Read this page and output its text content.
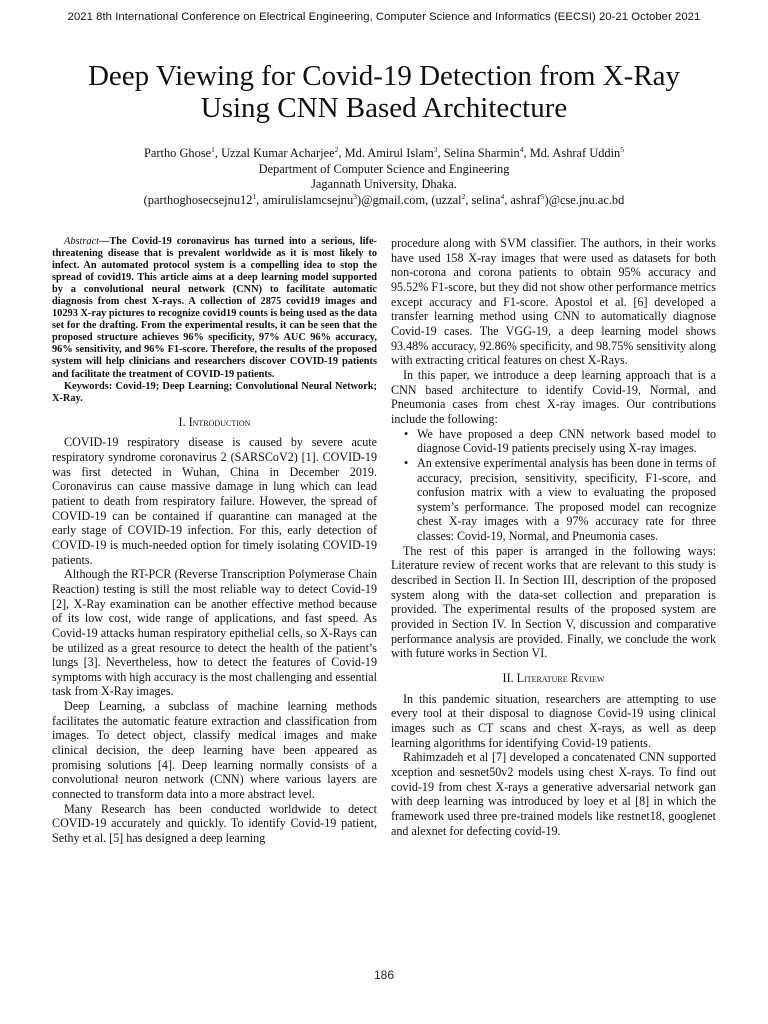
2021 8th International Conference on Electrical Engineering, Computer Science and Informatics (EECSI) 20-21 October 2021
Deep Viewing for Covid-19 Detection from X-Ray
Using CNN Based Architecture
Partho Ghose$^1$, Uzzal Kumar Acharjee$^2$, Md. Amirul Islam$^3$, Selina Sharmin$^4$, Md. Ashraf Uddin$^5$
Department of Computer Science and Engineering
Jagannath University, Dhaka.
($parthoghosecsejnu12^1$, amirulislamcsejnu$^3$)@gmail.com, (uzzal$^2$, selina$^4$, ashraf$^5$)@cse.jnu.ac.bd

Abstract—The Covid-19 coronavirus has turned into a serious, life-threatening disease that is prevalent worldwide as it is most likely to infect. An automated protocol system is a compelling idea to stop the spread of covid19. This article aims at a deep learning model supported by a convolutional neural network (CNN) to facilitate automatic diagnosis from chest X-rays. A collection of 2875 covid19 images and 10293 X-ray pictures to recognize covid19 counts is being used as the data set for the drafting. From the experimental results, it can be seen that the proposed structure achieves 96% specificity, 97% AUC 96% accuracy, 96% sensitivity, and 96% F1-score. Therefore, the results of the proposed system will help clinicians and researchers discover COVID-19 patients and facilitate the treatment of COVID-19 patients.

Keywords: Covid-19; Deep Learning; Convolutional Neural Network; X-Ray.

I. Introduction

COVID-19 respiratory disease is caused by severe acute respiratory syndrome coronavirus 2 (SARSCoV2) [1]. COVID-19 was first detected in Wuhan, China in December 2019. Coronavirus can cause massive damage in lung which can lead patient to death from respiratory failure. However, the spread of COVID-19 can be contained if quarantine can managed at the early stage of COVID-19 infection. For this, early detection of COVID-19 is much-needed option for timely isolating COVID-19 patients.

Although the RT-PCR (Reverse Transcription Polymerase Chain Reaction) testing is still the most reliable way to detect Covid-19 [2], X-Ray examination can be another effective method because of its low cost, wide range of applications, and fast speed. As Covid-19 attacks human respiratory epithelial cells, so X-Rays can be utilized as a great resource to detect the health of the patient’s lungs [3]. Nevertheless, how to detect the features of Covid-19 symptoms with high accuracy is the most challenging and essential task from X-Ray images.

Deep Learning, a subclass of machine learning methods facilitates the automatic feature extraction and classification from images. To detect object, classify medical images and make clinical decision, the deep learning have been appeared as promising solutions [4]. Deep learning normally consists of a convolutional neuron network (CNN) where various layers are connected to transform data into a more abstract level.

Many Research has been conducted worldwide to detect COVID-19 accurately and quickly. To identify Covid-19 patient, Sethy et al. [5] has designed a deep learning

procedure along with SVM classifier. The authors, in their works have used 158 X-ray images that were used as datasets for both non-corona and corona patients to obtain 95% accuracy and 95.52% F1-score, but they did not show other performance metrics except accuracy and F1-score. Apostol et al. [6] developed a transfer learning method using CNN to automatically diagnose Covid-19 cases. The VGG-19, a deep learning model shows 93.48% accuracy, 92.86% specificity, and 98.75% sensitivity along with extracting critical features on chest X-Rays.

In this paper, we introduce a deep learning approach that is a CNN based architecture to identify Covid-19, Normal, and Pneumonia cases from chest X-ray images. Our contributions include the following:

• We have proposed a deep CNN network based model to diagnose Covid-19 patients precisely using X-ray images.
• An extensive experimental analysis has been done in terms of accuracy, precision, sensitivity, specificity, F1-score, and confusion matrix with a view to evaluating the proposed system’s performance. The proposed model can recognize chest X-ray images with a 97% accuracy rate for three classes: Covid-19, Normal, and Pneumonia cases.

The rest of this paper is arranged in the following ways: Literature review of recent works that are relevant to this study is described in Section II. In Section III, description of the proposed system along with the data-set collection and preparation is provided. The experimental results of the proposed system are provided in Section IV. In Section V, discussion and comparative performance analysis are provided. Finally, we conclude the work with future works in Section VI.

II. Literature Review

In this pandemic situation, researchers are attempting to use every tool at their disposal to diagnose Covid-19 using clinical images such as CT scans and chest X-rays, as well as deep learning algorithms for identifying Covid-19 patients.

Rahimzadeh et al [7] developed a concatenated CNN supported xception and sesnet50v2 models using chest X-rays. To find out covid-19 from chest X-rays a generative adversarial network gan with deep learning was introduced by loey et al [8] in which the framework used three pre-trained models like restnet18, googlenet and alexnet for defecting covid-19.

186
